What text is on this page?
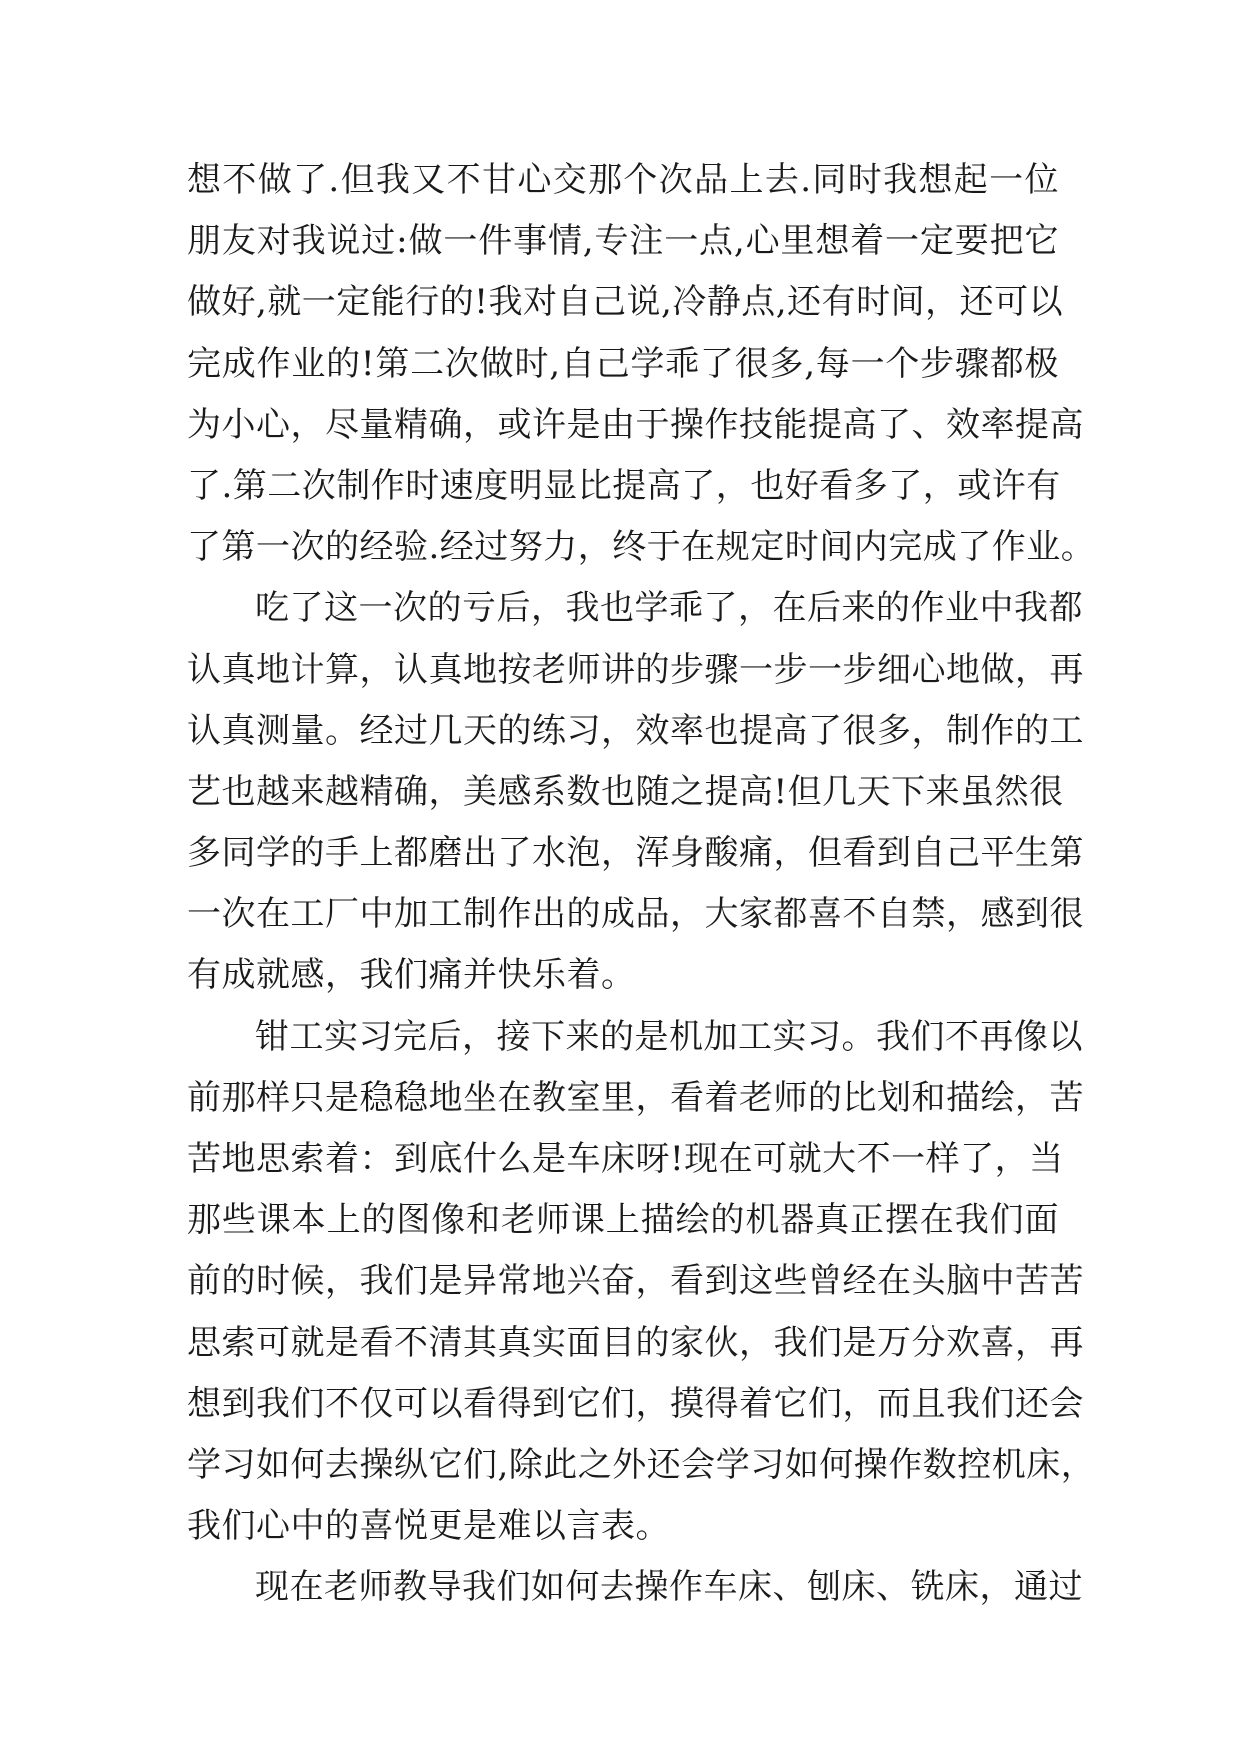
想不做了.但我又不甘心交那个次品上去.同时我想起一位
朋友对我说过:做一件事情,专注一点,心里想着一定要把它
做好,就一定能行的!我对自己说,冷静点,还有时间，还可以
完成作业的!第二次做时,自己学乖了很多,每一个步骤都极
为小心，尽量精确，或许是由于操作技能提高了、效率提高
了.第二次制作时速度明显比提高了，也好看多了，或许有
了第一次的经验.经过努力，终于在规定时间内完成了作业。
吃了这一次的亏后，我也学乖了，在后来的作业中我都
认真地计算，认真地按老师讲的步骤一步一步细心地做，再
认真测量。经过几天的练习，效率也提高了很多，制作的工
艺也越来越精确，美感系数也随之提高!但几天下来虽然很
多同学的手上都磨出了水泡，浑身酸痛，但看到自己平生第
一次在工厂中加工制作出的成品，大家都喜不自禁，感到很
有成就感，我们痛并快乐着。
钳工实习完后，接下来的是机加工实习。我们不再像以
前那样只是稳稳地坐在教室里，看着老师的比划和描绘，苦
苦地思索着：到底什么是车床呀!现在可就大不一样了，当
那些课本上的图像和老师课上描绘的机器真正摆在我们面
前的时候，我们是异常地兴奋，看到这些曾经在头脑中苦苦
思索可就是看不清其真实面目的家伙，我们是万分欢喜，再
想到我们不仅可以看得到它们，摸得着它们，而且我们还会
学习如何去操纵它们,除此之外还会学习如何操作数控机床，
我们心中的喜悦更是难以言表。
现在老师教导我们如何去操作车床、刨床、铣床，通过
